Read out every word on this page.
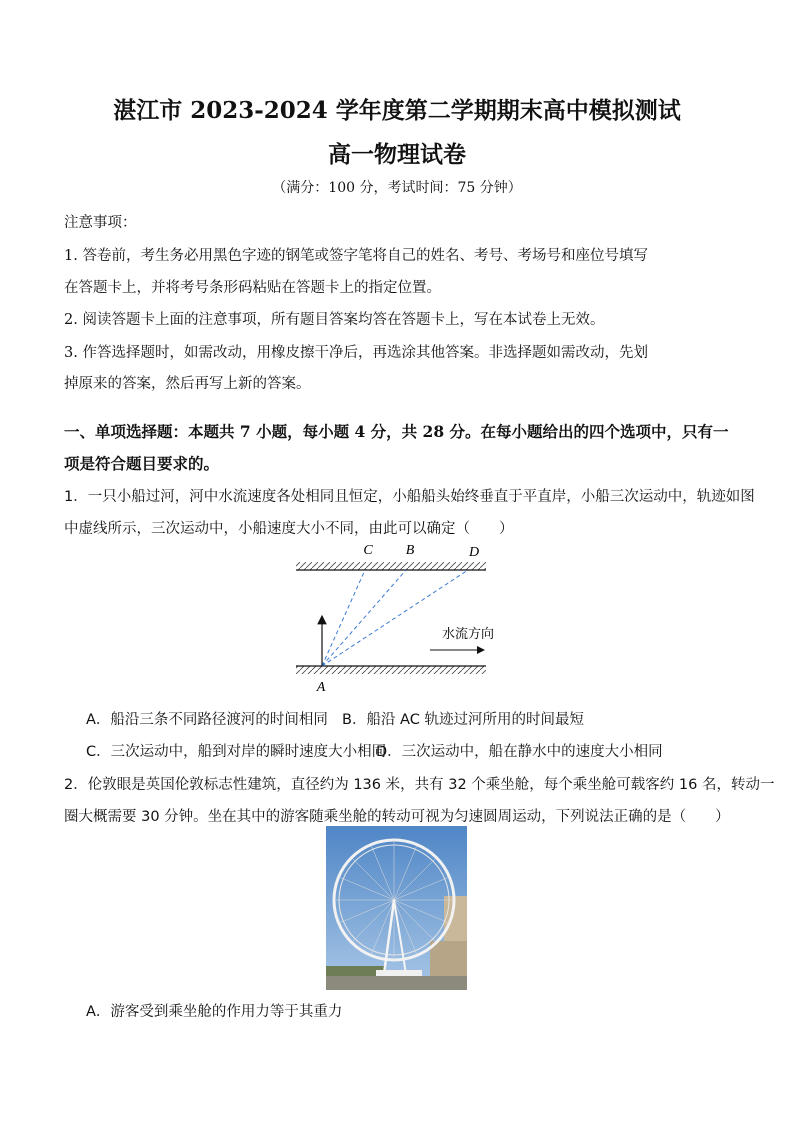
湛江市 2023-2024 学年度第二学期期末高中模拟测试
高一物理试卷
（满分：100 分，考试时间：75 分钟）
注意事项：
1. 答卷前，考生务必用黑色字迹的钢笔或签字笔将自己的姓名、考号、考场号和座位号填写
在答题卡上，并将考号条形码粘贴在答题卡上的指定位置。
2. 阅读答题卡上面的注意事项，所有题目答案均答在答题卡上，写在本试卷上无效。
3. 作答选择题时，如需改动，用橡皮擦干净后，再选涂其他答案。非选择题如需改动，先划
掉原来的答案，然后再写上新的答案。
一、单项选择题：本题共 7 小题，每小题 4 分，共 28 分。在每小题给出的四个选项中，只有一
项是符合题目要求的。
1．一只小船过河，河中水流速度各处相同且恒定，小船船头始终垂直于平直岸，小船三次运动中，轨迹如图
中虚线所示，三次运动中，小船速度大小不同，由此可以确定（　　）
C B	D
A
水流方向
A．船沿三条不同路径渡河的时间相同 B．船沿 AC 轨迹过河所用的时间最短
C．三次运动中，船到对岸的瞬时速度大小相同
D．三次运动中，船在静水中的速度大小相同
2．伦敦眼是英国伦敦标志性建筑，直径约为 136 米，共有 32 个乘坐舱，每个乘坐舱可载客约 16 名，转动一
圈大概需要 30 分钟。坐在其中的游客随乘坐舱的转动可视为匀速圆周运动，下列说法正确的是（　　）
A．游客受到乘坐舱的作用力等于其重力
